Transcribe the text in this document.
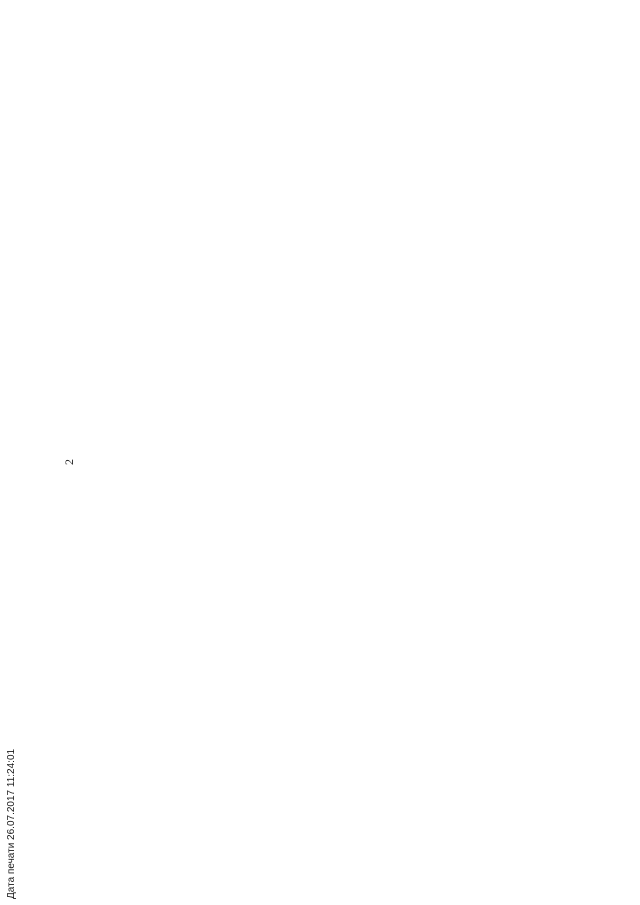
2
Дата печати 26.07.2017 11:24:01
